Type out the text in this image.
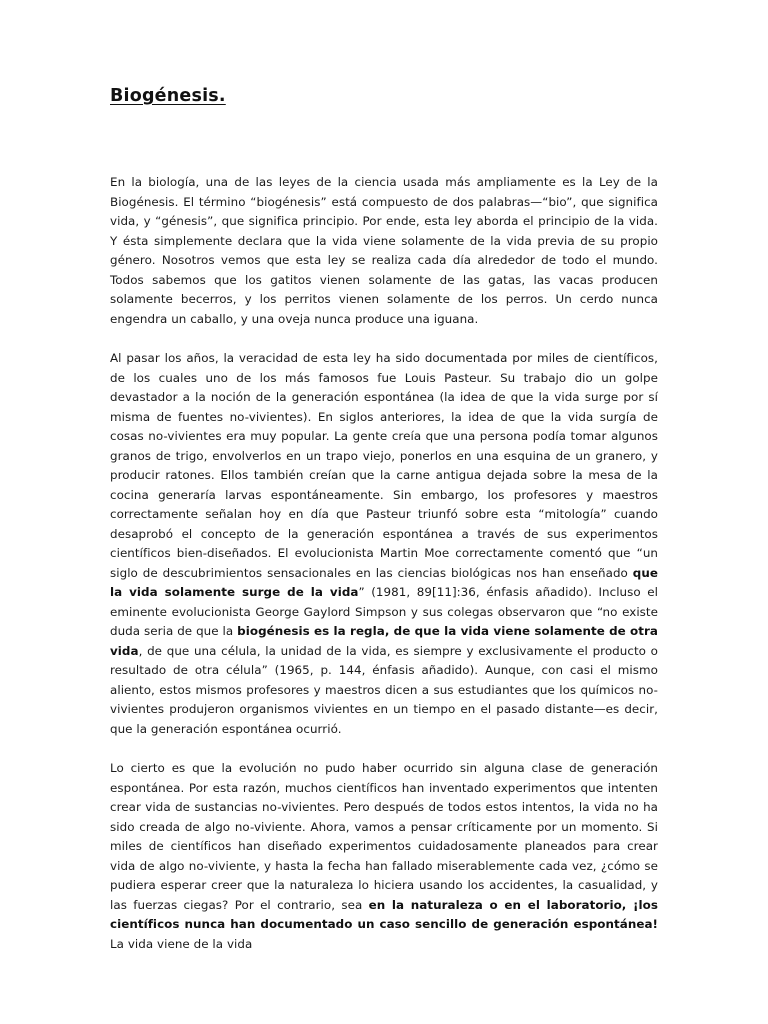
Biogénesis.

En la biología, una de las leyes de la ciencia usada más ampliamente es la Ley de la Biogénesis. El término “biogénesis” está compuesto de dos palabras—“bio”, que significa vida, y “génesis”, que significa principio. Por ende, esta ley aborda el principio de la vida. Y ésta simplemente declara que la vida viene solamente de la vida previa de su propio género. Nosotros vemos que esta ley se realiza cada día alrededor de todo el mundo. Todos sabemos que los gatitos vienen solamente de las gatas, las vacas producen solamente becerros, y los perritos vienen solamente de los perros. Un cerdo nunca engendra un caballo, y una oveja nunca produce una iguana.

Al pasar los años, la veracidad de esta ley ha sido documentada por miles de científicos, de los cuales uno de los más famosos fue Louis Pasteur. Su trabajo dio un golpe devastador a la noción de la generación espontánea (la idea de que la vida surge por sí misma de fuentes no-vivientes). En siglos anteriores, la idea de que la vida surgía de cosas no-vivientes era muy popular. La gente creía que una persona podía tomar algunos granos de trigo, envolverlos en un trapo viejo, ponerlos en una esquina de un granero, y producir ratones. Ellos también creían que la carne antigua dejada sobre la mesa de la cocina generaría larvas espontáneamente. Sin embargo, los profesores y maestros correctamente señalan hoy en día que Pasteur triunfó sobre esta “mitología” cuando desaprobó el concepto de la generación espontánea a través de sus experimentos científicos bien-diseñados. El evolucionista Martin Moe correctamente comentó que “un siglo de descubrimientos sensacionales en las ciencias biológicas nos han enseñado que la vida solamente surge de la vida” (1981, 89[11]:36, énfasis añadido). Incluso el eminente evolucionista George Gaylord Simpson y sus colegas observaron que “no existe duda seria de que la biogénesis es la regla, de que la vida viene solamente de otra vida, de que una célula, la unidad de la vida, es siempre y exclusivamente el producto o resultado de otra célula” (1965, p. 144, énfasis añadido). Aunque, con casi el mismo aliento, estos mismos profesores y maestros dicen a sus estudiantes que los químicos no-vivientes produjeron organismos vivientes en un tiempo en el pasado distante—es decir, que la generación espontánea ocurrió.

Lo cierto es que la evolución no pudo haber ocurrido sin alguna clase de generación espontánea. Por esta razón, muchos científicos han inventado experimentos que intenten crear vida de sustancias no-vivientes. Pero después de todos estos intentos, la vida no ha sido creada de algo no-viviente. Ahora, vamos a pensar críticamente por un momento. Si miles de científicos han diseñado experimentos cuidadosamente planeados para crear vida de algo no-viviente, y hasta la fecha han fallado miserablemente cada vez, ¿cómo se pudiera esperar creer que la naturaleza lo hiciera usando los accidentes, la casualidad, y las fuerzas ciegas? Por el contrario, sea en la naturaleza o en el laboratorio, ¡los científicos nunca han documentado un caso sencillo de generación espontánea! La vida viene de la vida
